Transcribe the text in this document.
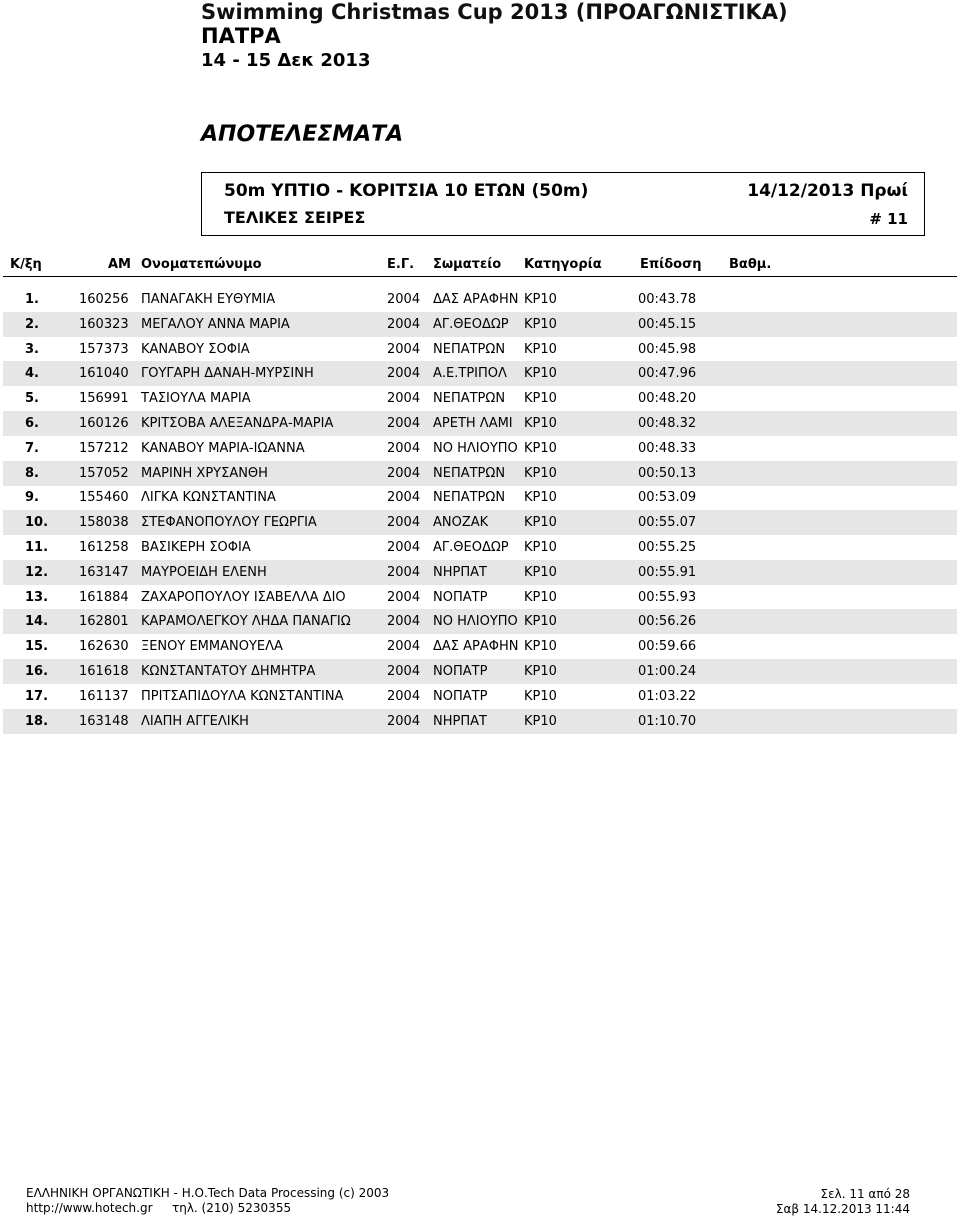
Swimming Christmas Cup 2013 (ΠΡΟΑΓΩΝΙΣΤΙΚΑ)
ΠΑΤΡΑ
14 - 15 Δεκ 2013
ΑΠΟΤΕΛΕΣΜΑΤΑ
50m ΥΠΤΙΟ - ΚΟΡΙΤΣΙΑ 10 ΕΤΩΝ (50m)	14/12/2013 Πρωί
ΤΕΛΙΚΕΣ ΣΕΙΡΕΣ	# 11
Κ/ξη	ΑΜ Ονοματεπώνυμο	Ε.Γ. Σωματείο Κατηγορία	Επίδοση Βαθμ.
1.	160256 ΠΑΝΑΓΑΚΗ ΕΥΘΥΜΙΑ	2004 ΔΑΣ ΑΡΑΦΗΝ ΚΡ10	00:43.78
2.	160323 ΜΕΓΑΛΟΥ ΑΝΝΑ ΜΑΡΙΑ	2004 ΑΓ.ΘΕΟΔΩΡ ΚΡ10	00:45.15
3.	157373 ΚΑΝΑΒΟΥ ΣΟΦΙΑ	2004 ΝΕΠΑΤΡΩΝ ΚΡ10	00:45.98
4.	161040 ΓΟΥΓΑΡΗ ΔΑΝΑΗ-ΜΥΡΣΙΝΗ	2004 Α.Ε.ΤΡΙΠΟΛ ΚΡ10	00:47.96
5.	156991 ΤΑΣΙΟΥΛΑ ΜΑΡΙΑ	2004 ΝΕΠΑΤΡΩΝ ΚΡ10	00:48.20
6.	160126 ΚΡΙΤΣΟΒΑ ΑΛΕΞΑΝΔΡΑ-ΜΑΡΙΑ	2004 ΑΡΕΤΗ ΛΑΜΙ ΚΡ10	00:48.32
7.	157212 ΚΑΝΑΒΟΥ ΜΑΡΙΑ-ΙΩΑΝΝΑ	2004 ΝΟ ΗΛΙΟΥΠΟ ΚΡ10	00:48.33
8.	157052 ΜΑΡΙΝΗ ΧΡΥΣΑΝΘΗ	2004 ΝΕΠΑΤΡΩΝ ΚΡ10	00:50.13
9.	155460 ΛΙΓΚΑ ΚΩΝΣΤΑΝΤΙΝΑ	2004 ΝΕΠΑΤΡΩΝ ΚΡ10	00:53.09
10. 158038 ΣΤΕΦΑΝΟΠΟΥΛΟΥ ΓΕΩΡΓΙΑ	2004 ΑΝΟΖΑΚ	ΚΡ10	00:55.07
11. 161258 ΒΑΣΙΚΕΡΗ ΣΟΦΙΑ	2004 ΑΓ.ΘΕΟΔΩΡ ΚΡ10	00:55.25
12. 163147 ΜΑΥΡΟΕΙΔΗ ΕΛΕΝΗ	2004 ΝΗΡΠΑΤ	ΚΡ10	00:55.91
13. 161884 ΖΑΧΑΡΟΠΟΥΛΟΥ ΙΣΑΒΕΛΛΑ ΔΙΟ	2004 ΝΟΠΑΤΡ	ΚΡ10	00:55.93
14. 162801 ΚΑΡΑΜΟΛΕΓΚΟΥ ΛΗΔΑ ΠΑΝΑΓΙΩ	2004 ΝΟ ΗΛΙΟΥΠΟ ΚΡ10	00:56.26
15. 162630 ΞΕΝΟΥ ΕΜΜΑΝΟΥΕΛΑ	2004 ΔΑΣ ΑΡΑΦΗΝ ΚΡ10	00:59.66
16. 161618 ΚΩΝΣΤΑΝΤΑΤΟΥ ΔΗΜΗΤΡΑ	2004 ΝΟΠΑΤΡ	ΚΡ10	01:00.24
17. 161137 ΠΡΙΤΣΑΠΙΔΟΥΛΑ ΚΩΝΣΤΑΝΤΙΝΑ	2004 ΝΟΠΑΤΡ	ΚΡ10	01:03.22
18. 163148 ΛΙΑΠΗ ΑΓΓΕΛΙΚΗ	2004 ΝΗΡΠΑΤ	ΚΡ10	01:10.70
ΕΛΛΗΝΙΚΗ ΟΡΓΑΝΩΤΙΚΗ - Η.Ο.Tech Data Processing (c) 2003
http://www.hotech.gr τηλ. (210) 5230355
Σελ. 11 από 28
Σαβ 14.12.2013 11:44
